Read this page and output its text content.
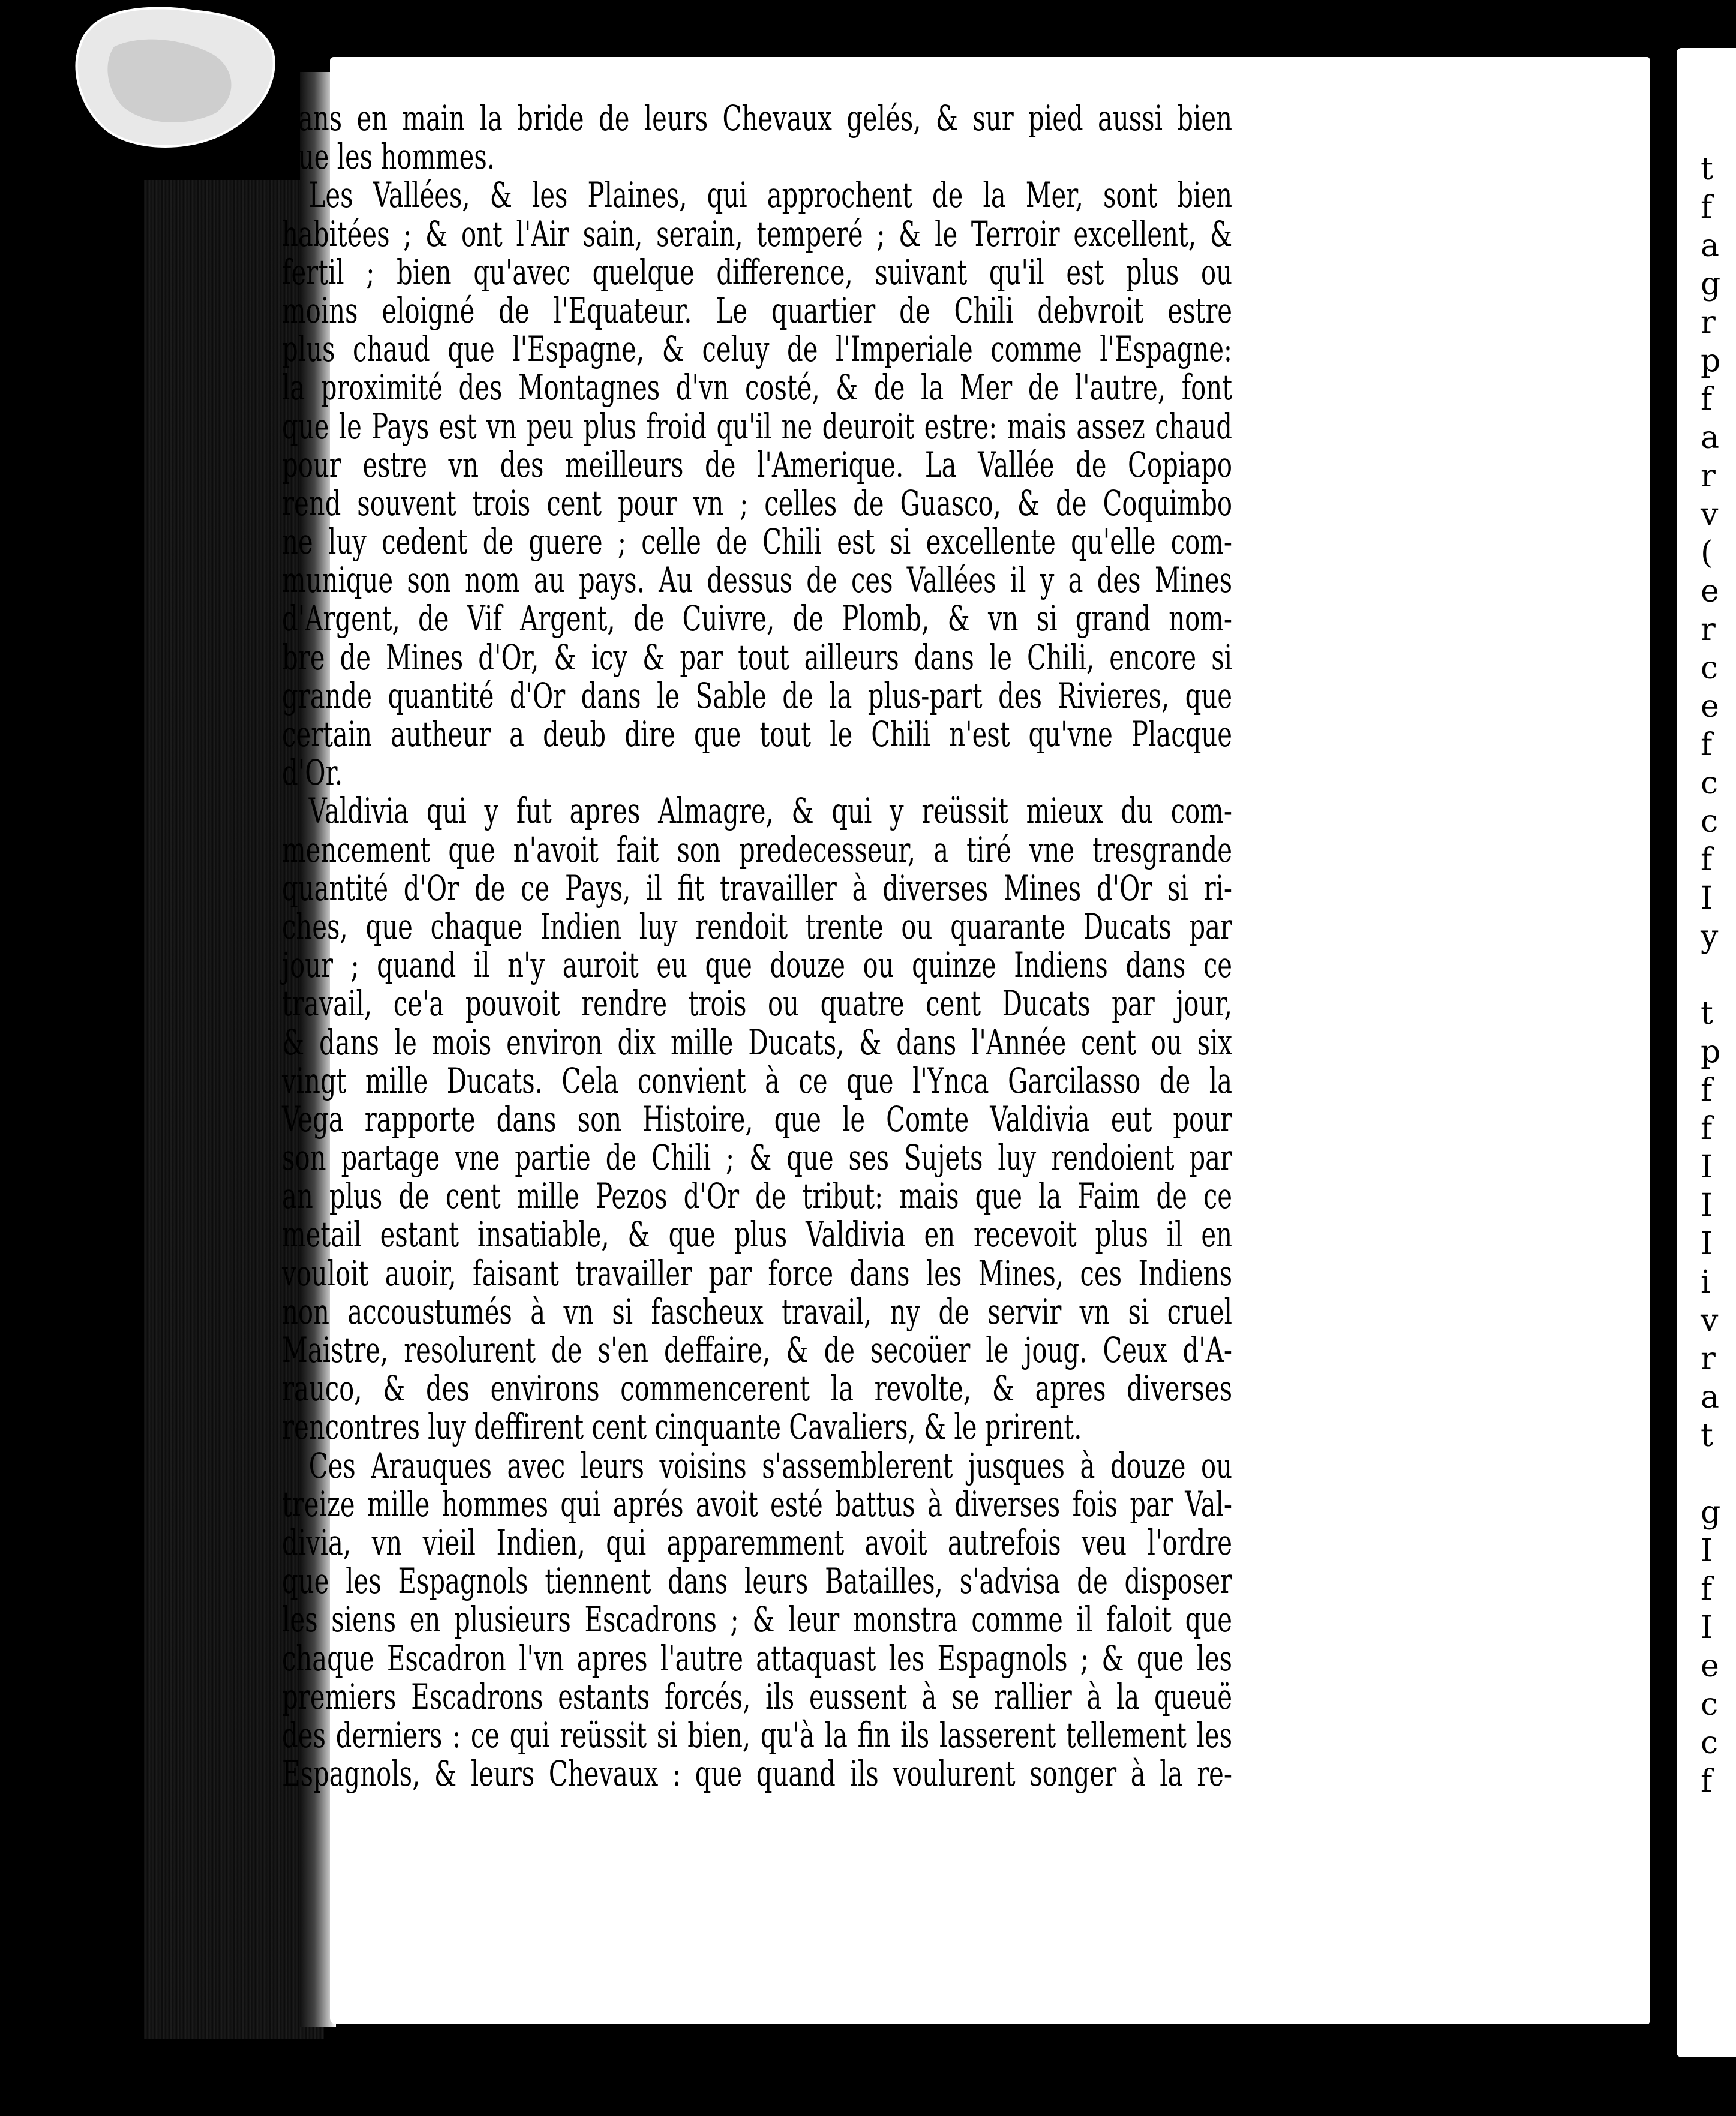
nans en main la bride de leurs Chevaux gelés, & sur pied aussi bien
que les hommes.
Les Vallées, & les Plaines, qui approchent de la Mer, sont bien
habitées ; & ont l'Air sain, serain, temperé ; & le Terroir excellent, &
fertil ; bien qu'avec quelque difference, suivant qu'il est plus ou
moins eloigné de l'Equateur. Le quartier de Chili debvroit estre
plus chaud que l'Espagne, & celuy de l'Imperiale comme l'Espagne:
la proximité des Montagnes d'vn costé, & de la Mer de l'autre, font
que le Pays est vn peu plus froid qu'il ne deuroit estre: mais assez chaud
pour estre vn des meilleurs de l'Amerique. La Vallée de Copiapo
rend souvent trois cent pour vn ; celles de Guasco, & de Coquimbo
ne luy cedent de guere ; celle de Chili est si excellente qu'elle com-
munique son nom au pays. Au dessus de ces Vallées il y a des Mines
d'Argent, de Vif Argent, de Cuivre, de Plomb, & vn si grand nom-
bre de Mines d'Or, & icy & par tout ailleurs dans le Chili, encore si
grande quantité d'Or dans le Sable de la plus-part des Rivieres, que
certain autheur a deub dire que tout le Chili n'est qu'vne Placque
d'Or.
Valdivia qui y fut apres Almagre, & qui y reüssit mieux du com-
mencement que n'avoit fait son predecesseur, a tiré vne tresgrande
quantité d'Or de ce Pays, il fit travailler à diverses Mines d'Or si ri-
ches, que chaque Indien luy rendoit trente ou quarante Ducats par
jour ; quand il n'y auroit eu que douze ou quinze Indiens dans ce
travail, ce'a pouvoit rendre trois ou quatre cent Ducats par jour,
& dans le mois environ dix mille Ducats, & dans l'Année cent ou six
vingt mille Ducats. Cela convient à ce que l'Ynca Garcilasso de la
Vega rapporte dans son Histoire, que le Comte Valdivia eut pour
son partage vne partie de Chili ; & que ses Sujets luy rendoient par
an plus de cent mille Pezos d'Or de tribut: mais que la Faim de ce
metail estant insatiable, & que plus Valdivia en recevoit plus il en
vouloit auoir, faisant travailler par force dans les Mines, ces Indiens
non accoustumés à vn si fascheux travail, ny de servir vn si cruel
Maistre, resolurent de s'en deffaire, & de secoüer le joug. Ceux d'A-
rauco, & des environs commencerent la revolte, & apres diverses
rencontres luy deffirent cent cinquante Cavaliers, & le prirent.
Ces Arauques avec leurs voisins s'assemblerent jusques à douze ou
treize mille hommes qui aprés avoit esté battus à diverses fois par Val-
divia, vn vieil Indien, qui apparemment avoit autrefois veu l'ordre
que les Espagnols tiennent dans leurs Batailles, s'advisa de disposer
les siens en plusieurs Escadrons ; & leur monstra comme il faloit que
chaque Escadron l'vn apres l'autre attaquast les Espagnols ; & que les
premiers Escadrons estants forcés, ils eussent à se rallier à la queuë
des derniers : ce qui reüssit si bien, qu'à la fin ils lasserent tellement les
Espagnols, & leurs Chevaux : que quand ils voulurent songer à la re-
t
f
a
g
r
p
f
a
r
v
(
e
r
c
e
f
c
c
f
I
y
t
p
f
f
I
I
I
i
v
r
a
t
g
I
f
I
e
c
c
f
